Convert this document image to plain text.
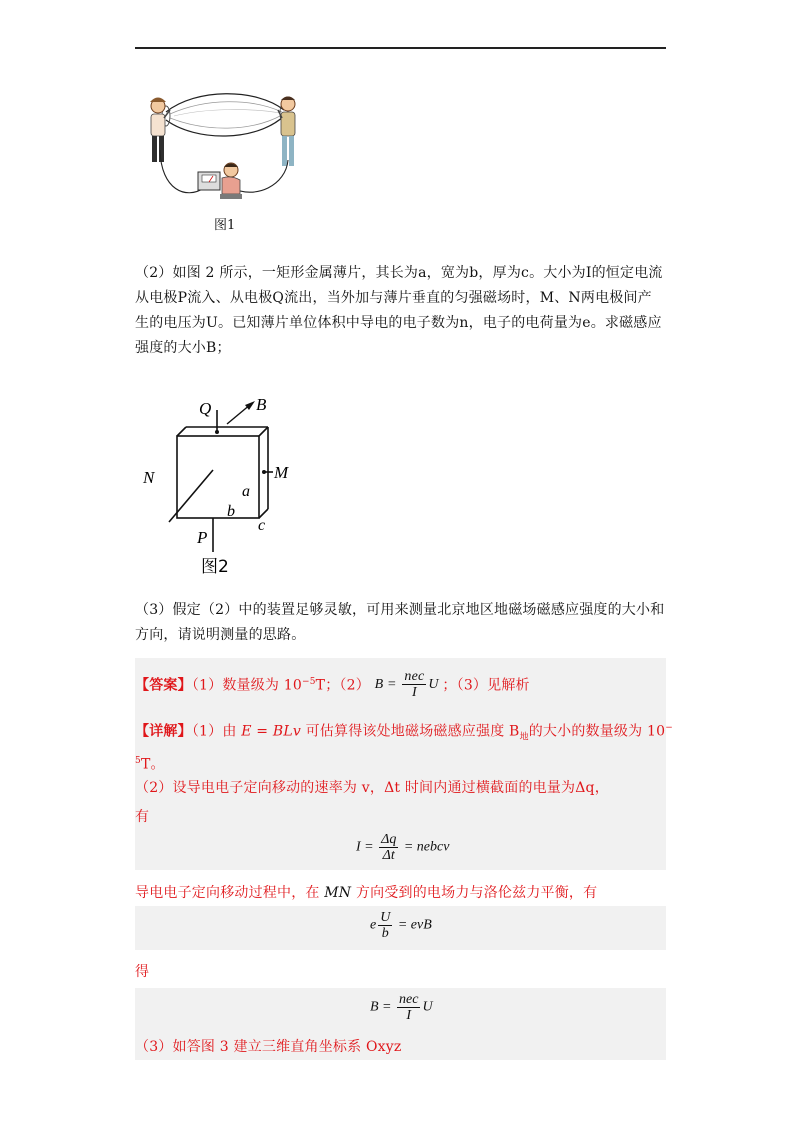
图1
（2）如图 2 所示，一矩形金属薄片，其长为a，宽为b，厚为c。大小为I的恒定电流
从电极P流入、从电极Q流出，当外加与薄片垂直的匀强磁场时，M、N两电极间产
生的电压为U。已知薄片单位体积中导电的电子数为n，电子的电荷量为e。求磁感应
强度的大小B；
Q	B
N	M
a
b
c
P
图2
（3）假定（2）中的装置足够灵敏，可用来测量北京地区地磁场磁感应强度的大小和
方向，请说明测量的思路。
【答案】（1）数量级为 $10^{-5}T$；（2） $B = \frac{\text{nec}}{I}$ U ；（3）见解析
【详解】（1）由 E = BLv 可估算得该处地磁场磁感应强度 $B_地$的大小的数量级为 10−
$^5$T。
（2）设导电电子定向移动的速率为 v，Δt 时间内通过横截面的电量为Δq，
有
$I = \frac{\Delta q}{\Delta t}$ = nebcv
导电电子定向移动过程中，在 MN 方向受到的电场力与洛伦兹力平衡，有
e $\frac{U}{b}$ = evB
得
$B = \frac{\text{nec}}{I}$ U
（3）如答图 3 建立三维直角坐标系 Oxyz
